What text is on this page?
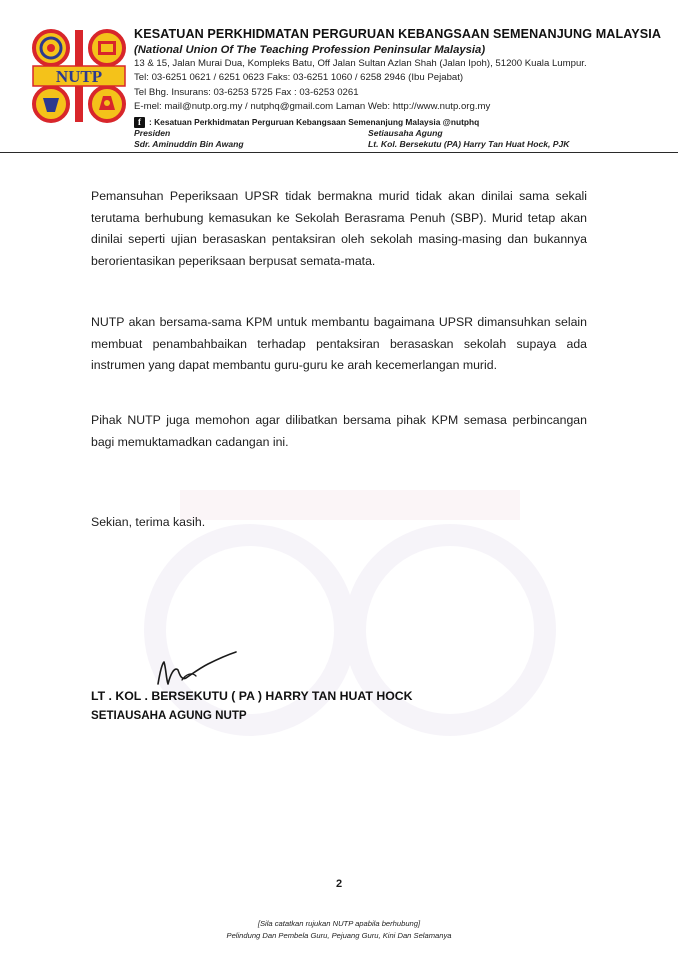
NUTP
KESATUAN PERKHIDMATAN PERGURUAN KEBANGSAAN SEMENANJUNG MALAYSIA
(National Union Of The Teaching Profession Peninsular Malaysia)
13 & 15, Jalan Murai Dua, Kompleks Batu, Off Jalan Sultan Azlan Shah (Jalan Ipoh), 51200 Kuala Lumpur.
Tel: 03-6251 0621 / 6251 0623 Faks: 03-6251 1060 / 6258 2946 (Ibu Pejabat)
Tel Bhg. Insurans: 03-6253 5725 Fax : 03-6253 0261
E-mel: mail@nutp.org.my / nutphq@gmail.com Laman Web: http://www.nutp.org.my
f : Kesatuan Perkhidmatan Perguruan Kebangsaan Semenanjung Malaysia @nutphq
Presiden
Sdr. Aminuddin Bin Awang
Setiausaha Agung
Lt. Kol. Bersekutu (PA) Harry Tan Huat Hock, PJK

Pemansuhan Peperiksaan UPSR tidak bermakna murid tidak akan dinilai sama sekali terutama berhubung kemasukan ke Sekolah Berasrama Penuh (SBP). Murid tetap akan dinilai seperti ujian berasaskan pentaksiran oleh sekolah masing-masing dan bukannya berorientasikan peperiksaan berpusat semata-mata.

NUTP akan bersama-sama KPM untuk membantu bagaimana UPSR dimansuhkan selain membuat penambahbaikan terhadap pentaksiran berasaskan sekolah supaya ada instrumen yang dapat membantu guru-guru ke arah kecemerlangan murid.

Pihak NUTP juga memohon agar dilibatkan bersama pihak KPM semasa perbincangan bagi memuktamadkan cadangan ini.

Sekian, terima kasih.

LT . KOL . BERSEKUTU ( PA ) HARRY TAN HUAT HOCK
SETIAUSAHA AGUNG NUTP
2
[Sila catatkan rujukan NUTP apabila berhubung]
Pelindung Dan Pembela Guru, Pejuang Guru, Kini Dan Selamanya
